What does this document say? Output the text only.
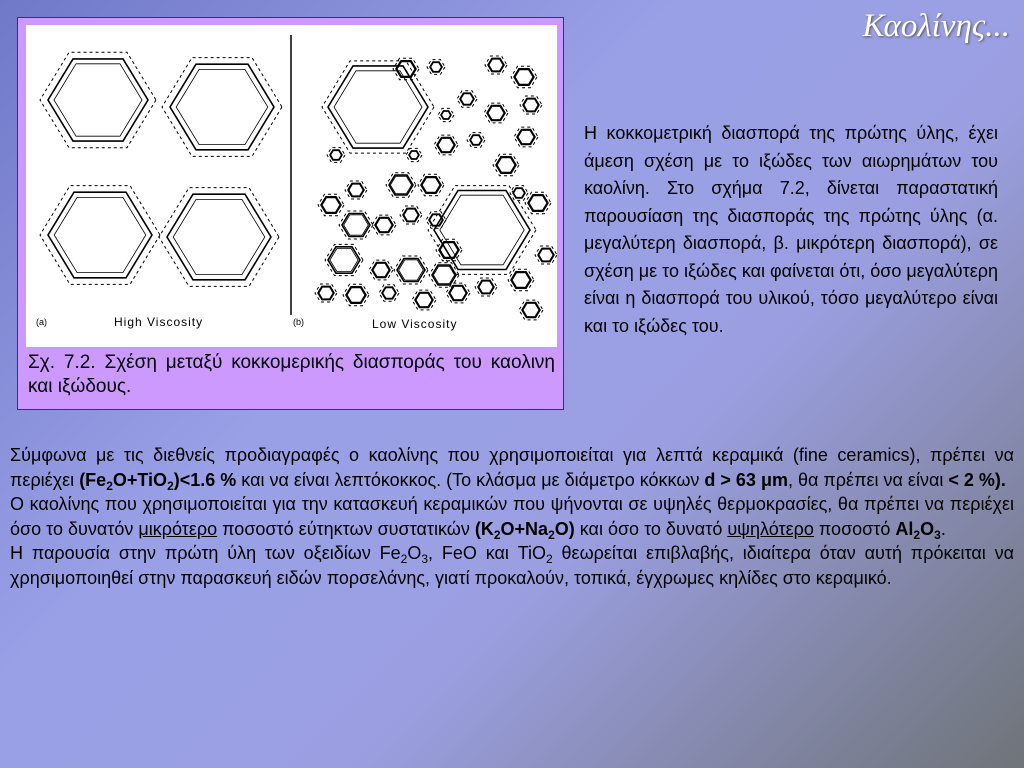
Καολίνης...
(a)	High Viscosity	(b)	Low Viscosity
Σχ. 7.2. Σχέση μεταξύ κοκκομερικής διασποράς του καολινη και ιξώδους.
Η κοκκομετρική διασπορά της πρώτης ύλης, έχει άμεση σχέση με το ιξώδες των αιωρημάτων του καολίνη. Στο σχήμα 7.2, δίνεται παραστατική παρουσίαση της διασποράς της πρώτης ύλης (α. μεγαλύτερη διασπορά, β. μικρότερη διασπορά), σε σχέση με το ιξώδες και φαίνεται ότι, όσο μεγαλύτερη είναι η διασπορά του υλικού, τόσο μεγαλύτερο είναι και το ιξώδες του.

Σύμφωνα με τις διεθνείς προδιαγραφές ο καολίνης που χρησιμοποιείται για λεπτά κεραμικά (fine ceramics), πρέπει να περιέχει $(Fe_2O+TiO_2)<1.6$ % και να είναι λεπτόκοκκος. (Το κλάσμα με διάμετρο κόκκων d > 63 μm, θα πρέπει να είναι < 2 %).

Ο καολίνης που χρησιμοποιείται για την κατασκευή κεραμικών που ψήνονται σε υψηλές θερμοκρασίες, θα πρέπει να περιέχει όσο το δυνατόν μικρότερο ποσοστό εύτηκτων συστατικών $(K_2O+Na_2O)$ και όσο το δυνατό υψηλότερο ποσοστό $Al_2O_3$.

Η παρουσία στην πρώτη ύλη των οξειδίων $Fe_2O_3$, FeO και TiO$_2$ θεωρείται επιβλαβής, ιδιαίτερα όταν αυτή πρόκειται να χρησιμοποιηθεί στην παρασκευή ειδών πορσελάνης, γιατί προκαλούν, τοπικά, έγχρωμες κηλίδες στο κεραμικό.
